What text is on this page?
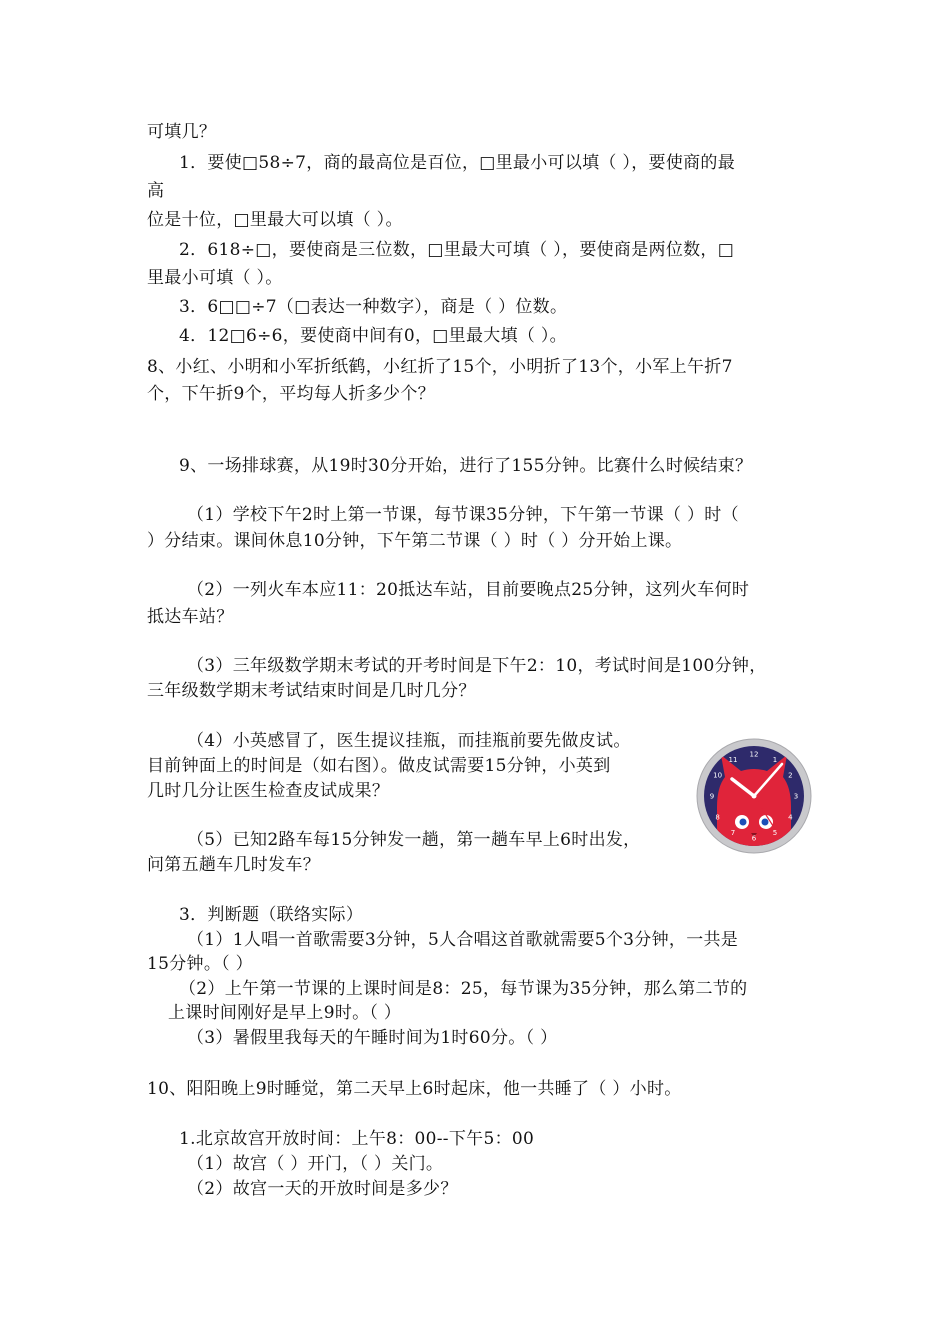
可填几？
1．要使□58÷7，商的最高位是百位，□里最小可以填（ ），要使商的最
高
位是十位，□里最大可以填（ ）。
2．618÷□，要使商是三位数，□里最大可填（ ），要使商是两位数，□
里最小可填（ ）。
3．6□□÷7（□表达一种数字），商是（ ）位数。
4．12□6÷6，要使商中间有0，□里最大填（ ）。
8、小红、小明和小军折纸鹤，小红折了15个，小明折了13个，小军上午折7
个，下午折9个，平均每人折多少个？
9、一场排球赛，从19时30分开始，进行了155分钟。比赛什么时候结束？
（1）学校下午2时上第一节课，每节课35分钟，下午第一节课（ ）时（
）分结束。课间休息10分钟，下午第二节课（ ）时（ ）分开始上课。
（2）一列火车本应11：20抵达车站，目前要晚点25分钟，这列火车何时
抵达车站？
（3）三年级数学期末考试的开考时间是下午2：10，考试时间是100分钟，
三年级数学期末考试结束时间是几时几分？
（4）小英感冒了，医生提议挂瓶，而挂瓶前要先做皮试。
目前钟面上的时间是（如右图）。做皮试需要15分钟，小英到
几时几分让医生检查皮试成果？
（5）已知2路车每15分钟发一趟，第一趟车早上6时出发，
问第五趟车几时发车？
3．判断题（联络实际）
（1）1人唱一首歌需要3分钟，5人合唱这首歌就需要5个3分钟，一共是
15分钟。（ ）
（2）上午第一节课的上课时间是8：25，每节课为35分钟，那么第二节的
上课时间刚好是早上9时。（ ）
（3）暑假里我每天的午睡时间为1时60分。（ ）
10、阳阳晚上9时睡觉，第二天早上6时起床，他一共睡了（ ）小时。
1.北京故宫开放时间：上午8：00--下午5：00
（1）故宫（ ）开门，（ ）关门。
（2）故宫一天的开放时间是多少？
12
1
2
3
4
5
6
7
8
9
10
11
